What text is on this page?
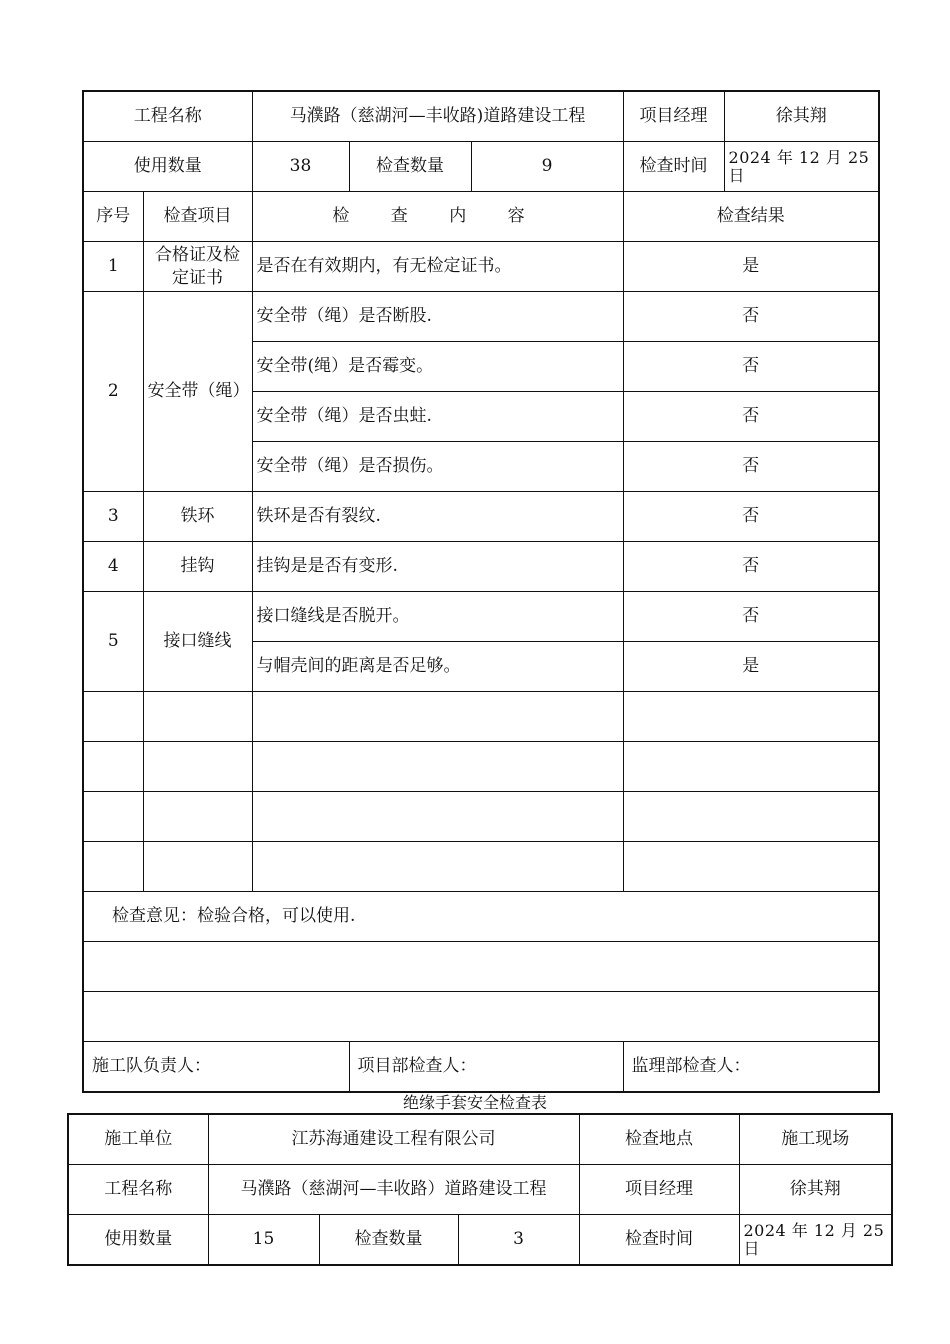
工程名称		马濮路（慈湖河—丰收路)道路建设工程			项目经理	徐其翔
使用数量		38	检查数量	9	检查时间	2024 年 12 月 25 日
序号	检查项目	检 查 内 容			检查结果	
1	合格证及检定证书	是否在有效期内，有无检定证书。			是	
2	安全带（绳）	安全带（绳）是否断股.			否	
		安全带(绳）是否霉变。			否	
		安全带（绳）是否虫蛀.			否	
		安全带（绳）是否损伤。			否	
3	铁环	铁环是否有裂纹.			否	
4	挂钩	挂钩是是否有变形.			否	
5	接口缝线	接口缝线是否脱开。			否	
		与帽壳间的距离是否足够。			是	

检查意见：检验合格，可以使用.						

施工队负责人：			项目部检查人：		监理部检查人：	
绝缘手套安全检查表
施工单位	江苏海通建设工程有限公司			检查地点	施工现场
工程名称	马濮路（慈湖河—丰收路）道路建设工程			项目经理	徐其翔
使用数量	15	检查数量	3	检查时间	2024 年 12 月 25 日
